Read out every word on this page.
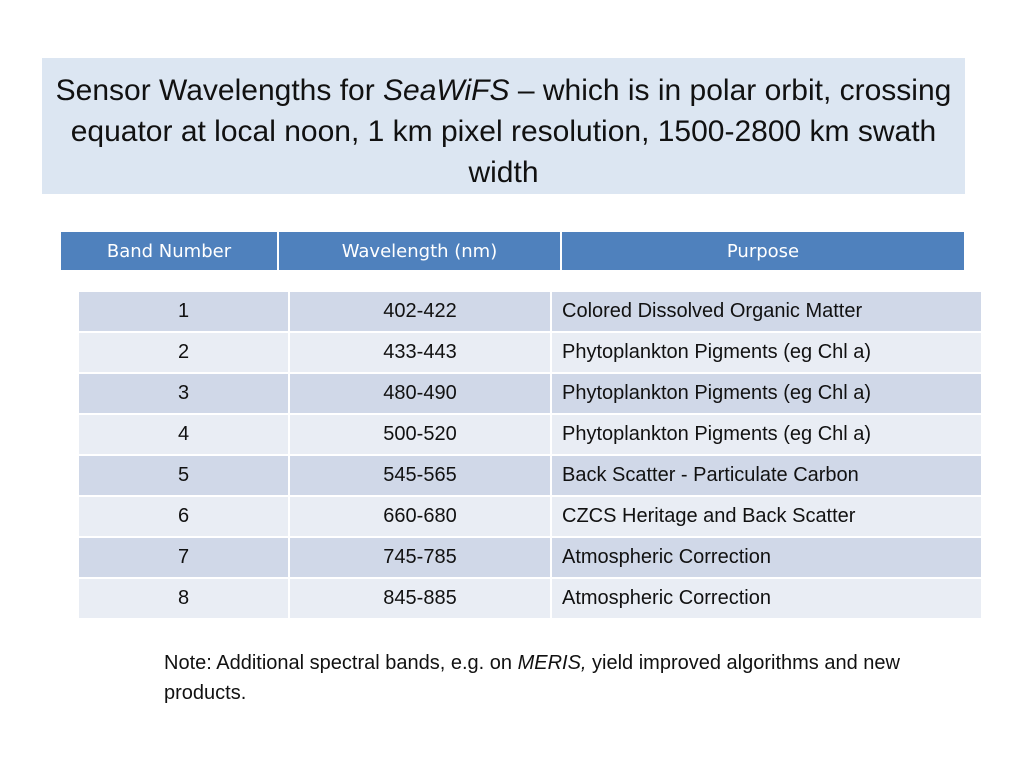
Sensor Wavelengths for SeaWiFS – which is in polar orbit, crossing equator at local noon, 1 km pixel resolution, 1500-2800 km swath width
Band Number	Wavelength (nm)	Purpose
1	402-422	Colored Dissolved Organic Matter
2	433-443	Phytoplankton Pigments (eg Chl a)
3	480-490	Phytoplankton Pigments (eg Chl a)
4	500-520	Phytoplankton Pigments (eg Chl a)
5	545-565	Back Scatter - Particulate Carbon
6	660-680	CZCS Heritage and Back Scatter
7	745-785	Atmospheric Correction
8	845-885	Atmospheric Correction
Note: Additional spectral bands, e.g. on MERIS, yield improved algorithms and new products.
